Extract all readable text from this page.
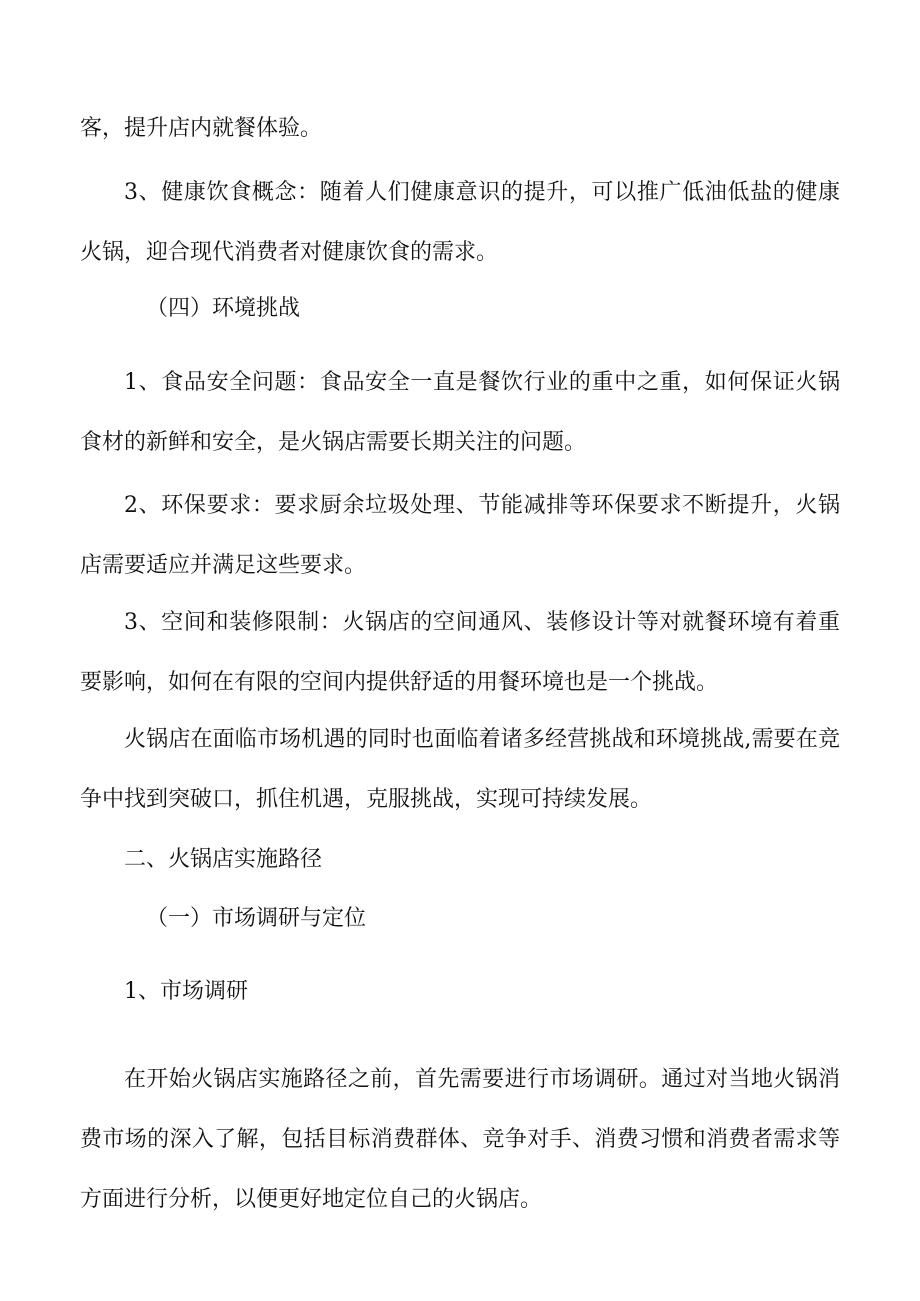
客，提升店内就餐体验。

3、健康饮食概念：随着人们健康意识的提升，可以推广低油低盐的健康火锅，迎合现代消费者对健康饮食的需求。

（四）环境挑战

1、食品安全问题：食品安全一直是餐饮行业的重中之重，如何保证火锅食材的新鲜和安全，是火锅店需要长期关注的问题。

2、环保要求：要求厨余垃圾处理、节能减排等环保要求不断提升，火锅店需要适应并满足这些要求。

3、空间和装修限制：火锅店的空间通风、装修设计等对就餐环境有着重要影响，如何在有限的空间内提供舒适的用餐环境也是一个挑战。

火锅店在面临市场机遇的同时也面临着诸多经营挑战和环境挑战,需要在竞争中找到突破口，抓住机遇，克服挑战，实现可持续发展。

二、火锅店实施路径

（一）市场调研与定位

1、市场调研

在开始火锅店实施路径之前，首先需要进行市场调研。通过对当地火锅消费市场的深入了解，包括目标消费群体、竞争对手、消费习惯和消费者需求等方面进行分析，以便更好地定位自己的火锅店。
